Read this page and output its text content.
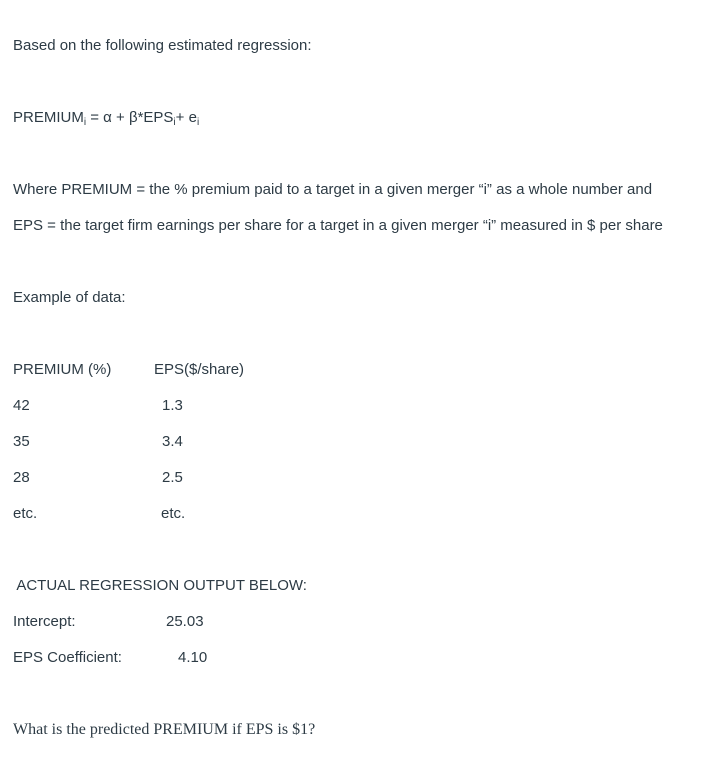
Based on the following estimated regression:
$PREMIUM_i = \alpha + \beta*EPS_i+ e_i$
Where PREMIUM = the % premium paid to a target in a given merger “i” as a whole number and
EPS = the target firm earnings per share for a target in a given merger “i” measured in $ per share
Example of data:
PREMIUM (%)	EPS($/share)
42	1.3
35	3.4
28	2.5
etc.	etc.
ACTUAL REGRESSION OUTPUT BELOW:
Intercept:	25.03
EPS Coefficient:	4.10
What is the predicted PREMIUM if EPS is $1?
